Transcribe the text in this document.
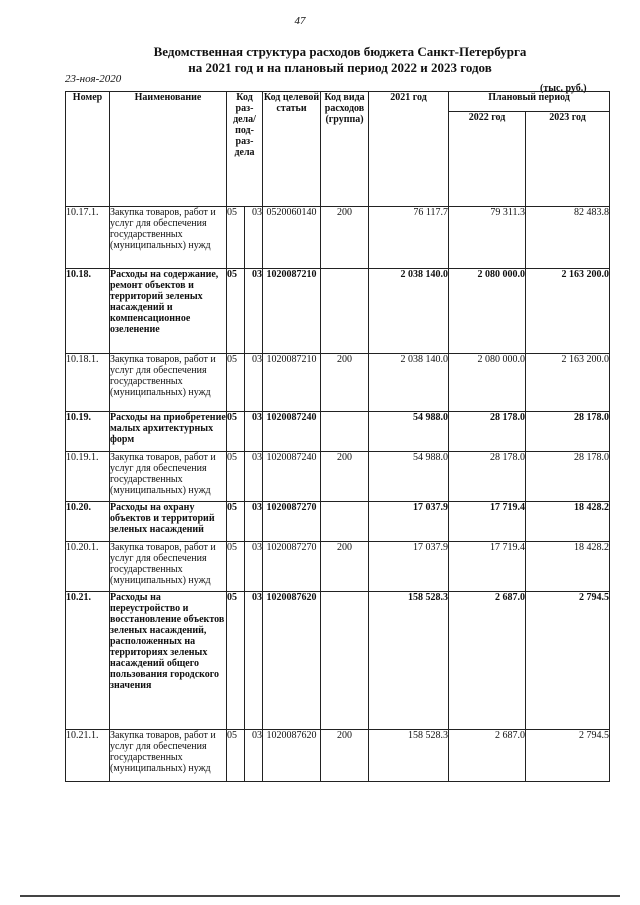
47
Ведомственная структура расходов бюджета Санкт-Петербурга
на 2021 год и на плановый период 2022 и 2023 годов
23-ноя-2020
(тыс. руб.)
Номер	Наименование	Код раз-дела/ под-раз-дела		Код целевой статьи	Код вида расходов (группа)	2021 год	Плановый период	
							2022 год	2023 год
10.17.1.	Закупка товаров, работ и услуг для обеспечения государственных (муниципальных) нужд	05	03	0520060140	200	76 117.7	79 311.3	82 483.8
10.18.	Расходы на содержание, ремонт объектов и территорий зеленых насаждений и компенсационное озеленение	05	03	1020087210		2 038 140.0	2 080 000.0	2 163 200.0
10.18.1.	Закупка товаров, работ и услуг для обеспечения государственных (муниципальных) нужд	05	03	1020087210	200	2 038 140.0	2 080 000.0	2 163 200.0
10.19.	Расходы на приобретение малых архитектурных форм	05	03	1020087240		54 988.0	28 178.0	28 178.0
10.19.1.	Закупка товаров, работ и услуг для обеспечения государственных (муниципальных) нужд	05	03	1020087240	200	54 988.0	28 178.0	28 178.0
10.20.	Расходы на охрану объектов и территорий зеленых насаждений	05	03	1020087270		17 037.9	17 719.4	18 428.2
10.20.1.	Закупка товаров, работ и услуг для обеспечения государственных (муниципальных) нужд	05	03	1020087270	200	17 037.9	17 719.4	18 428.2
10.21.	Расходы на переустройство и восстановление объектов зеленых насаждений, расположенных на территориях зеленых насаждений общего пользования городского значения	05	03	1020087620		158 528.3	2 687.0	2 794.5
10.21.1.	Закупка товаров, работ и услуг для обеспечения государственных (муниципальных) нужд	05	03	1020087620	200	158 528.3	2 687.0	2 794.5
